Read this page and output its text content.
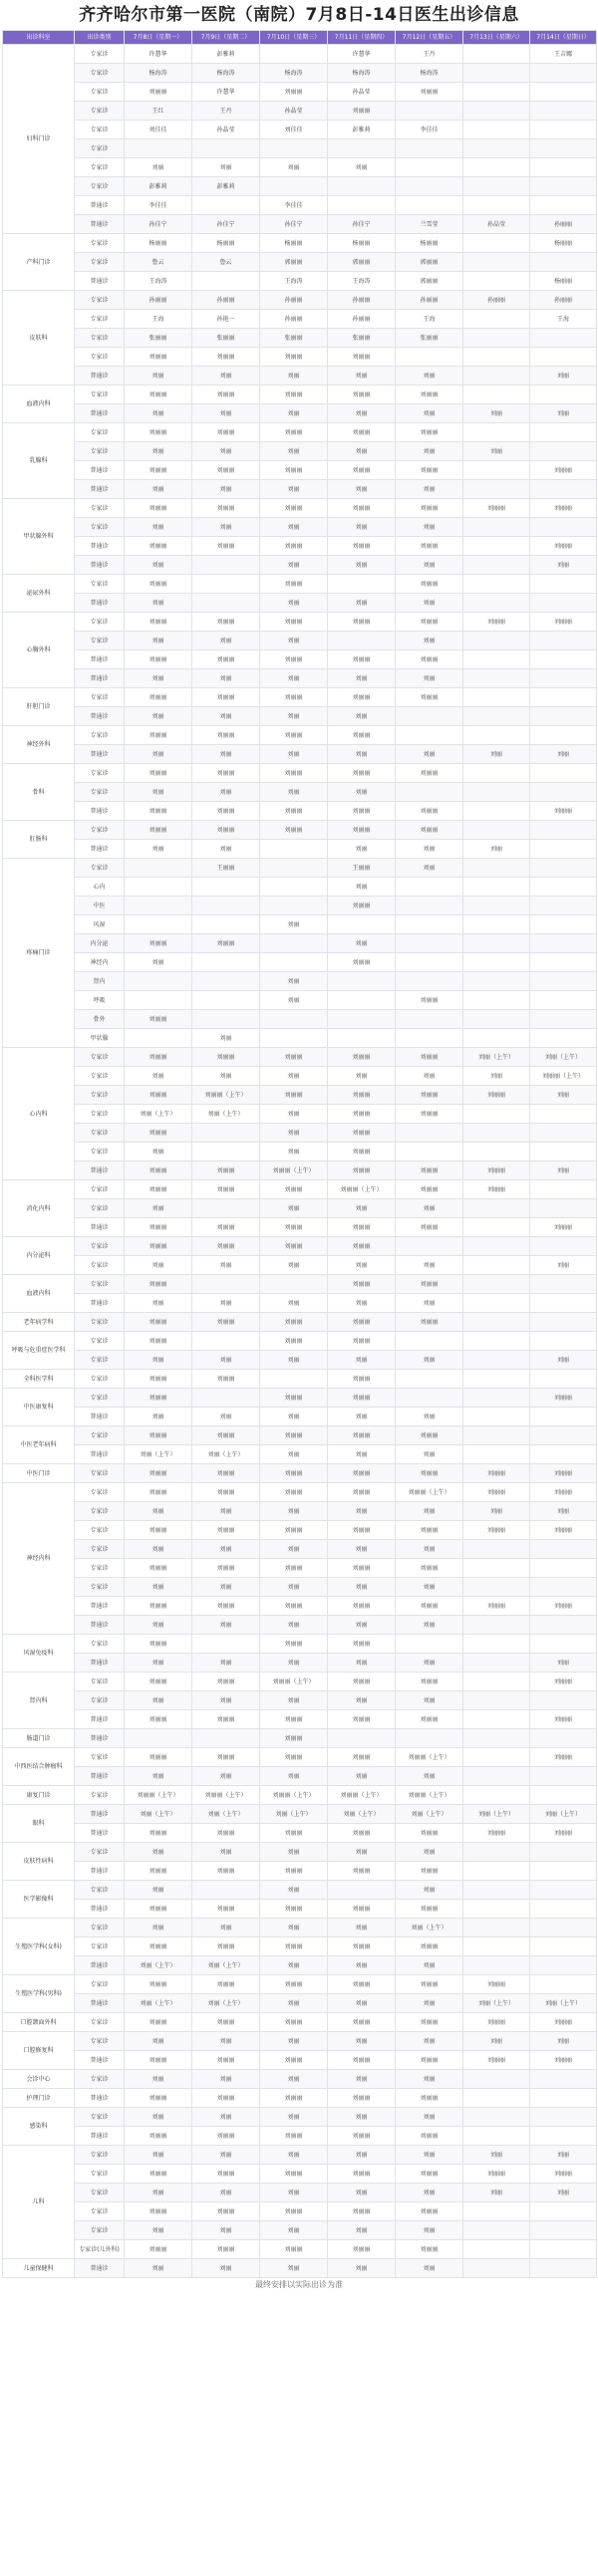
齐齐哈尔市第一医院（南院）7月8日-14日医生出诊信息
出诊科室	出诊类别	7月8日（星期一）	7月9日（星期二）	7月10日（星期三）	7月11日（星期四）	7月12日（星期五）	7月13日（星期六）	7月14日（星期日）
妇科门诊	专家诊	许慧华	彭雅莉		许慧华	王丹		王吉娜
	专家诊	杨海涛	杨海涛	杨海涛	杨海涛	杨海涛		
	专家诊	刘丽丽	许慧华	刘丽丽	孙晶莹	刘丽丽		
	专家诊	王红	王丹	孙晶莹	刘丽丽			
	专家诊	刘佳佳	孙晶莹	刘佳佳	彭雅莉	李佳佳		
	专家诊							
	专家诊	刘丽	刘丽	刘丽	刘丽			
	专家诊	彭雅莉	彭雅莉					
	普通诊	李佳佳		李佳佳				
	普通诊	孙佳宁	孙佳宁	孙佳宁	孙佳宁	兰雪莹	孙晶莹	孙丽丽
产科门诊	专家诊	杨丽丽	杨丽丽	杨丽丽	杨丽丽	杨丽丽		杨丽丽
	专家诊	鲁云	鲁云	郭丽丽	郭丽丽	郭丽丽		
	普通诊	王海涛		王海涛	王海涛	郭丽丽		杨丽丽
皮肤科	专家诊	孙丽丽	孙丽丽	孙丽丽	孙丽丽	孙丽丽	孙丽丽	孙丽丽
	专家诊	王海	孙艳一	孙丽丽	孙丽丽	王海		王海
	专家诊	张丽丽	张丽丽	张丽丽	张丽丽	张丽丽		
	专家诊	刘丽丽	刘丽丽	刘丽丽	刘丽丽			
	普通诊	刘丽	刘丽	刘丽	刘丽	刘丽		刘丽
血液内科	专家诊	刘丽丽	刘丽丽	刘丽丽	刘丽丽	刘丽丽		
	普通诊	刘丽	刘丽	刘丽	刘丽	刘丽	刘丽	刘丽
乳腺科	专家诊	刘丽丽	刘丽丽	刘丽丽	刘丽丽	刘丽丽		
	专家诊	刘丽	刘丽	刘丽	刘丽	刘丽	刘丽	
	普通诊	刘丽丽	刘丽丽	刘丽丽	刘丽丽	刘丽丽		刘丽丽
	普通诊	刘丽	刘丽	刘丽	刘丽	刘丽		
甲状腺外科	专家诊	刘丽丽	刘丽丽	刘丽丽	刘丽丽	刘丽丽	刘丽丽	刘丽丽
	专家诊	刘丽	刘丽	刘丽	刘丽	刘丽		
	普通诊	刘丽丽	刘丽丽	刘丽丽	刘丽丽	刘丽丽		刘丽丽
	普通诊	刘丽		刘丽	刘丽	刘丽		刘丽
泌尿外科	专家诊	刘丽丽		刘丽丽		刘丽丽		
	普通诊	刘丽		刘丽	刘丽	刘丽		
心胸外科	专家诊	刘丽丽	刘丽丽	刘丽丽	刘丽丽	刘丽丽	刘丽丽	刘丽丽
	专家诊	刘丽	刘丽	刘丽		刘丽		
	普通诊	刘丽丽	刘丽丽	刘丽丽	刘丽丽	刘丽丽		
	普通诊	刘丽	刘丽	刘丽	刘丽	刘丽		
肝胆门诊	专家诊	刘丽丽	刘丽丽	刘丽丽	刘丽丽	刘丽丽		
	普通诊	刘丽	刘丽	刘丽	刘丽			
神经外科	专家诊	刘丽丽	刘丽丽	刘丽丽	刘丽丽			
	普通诊	刘丽	刘丽	刘丽	刘丽	刘丽	刘丽	刘丽
骨科	专家诊	刘丽丽	刘丽丽	刘丽丽	刘丽丽	刘丽丽		
	专家诊	刘丽	刘丽	刘丽	刘丽			
	普通诊	刘丽丽	刘丽丽	刘丽丽	刘丽丽	刘丽丽		刘丽丽
肛肠科	专家诊	刘丽丽	刘丽丽	刘丽丽	刘丽丽	刘丽丽		
	普通诊	刘丽	刘丽		刘丽	刘丽	刘丽	
疼痛门诊	专家诊		王丽丽		王丽丽	刘丽		
	心内				刘丽			
	中医				刘丽丽			
	风湿			刘丽				
	内分泌	刘丽丽	刘丽丽		刘丽			
	神经内	刘丽			刘丽丽			
	肾内			刘丽				
	呼吸			刘丽		刘丽丽		
	骨外	刘丽丽						
	甲状腺		刘丽					
心内科	专家诊	刘丽丽	刘丽丽	刘丽丽	刘丽丽	刘丽丽	刘丽（上午）	刘丽（上午）
	专家诊	刘丽	刘丽	刘丽	刘丽	刘丽	刘丽	刘丽丽（上午）
	专家诊	刘丽丽	刘丽丽（上午）	刘丽丽	刘丽丽	刘丽丽	刘丽丽	刘丽
	专家诊	刘丽（上午）	刘丽（上午）	刘丽	刘丽丽	刘丽丽		
	专家诊	刘丽丽		刘丽	刘丽丽			
	专家诊	刘丽		刘丽	刘丽丽			
	普通诊	刘丽丽	刘丽丽	刘丽丽（上午）	刘丽丽	刘丽丽	刘丽丽	刘丽
消化内科	专家诊	刘丽丽	刘丽丽	刘丽丽	刘丽丽（上午）	刘丽丽	刘丽丽	
	专家诊	刘丽		刘丽	刘丽	刘丽		
	普通诊	刘丽丽	刘丽丽	刘丽丽	刘丽丽	刘丽丽		刘丽丽
内分泌科	专家诊	刘丽丽	刘丽丽	刘丽丽	刘丽丽			
	专家诊	刘丽	刘丽	刘丽	刘丽	刘丽		刘丽
血液内科	专家诊	刘丽丽			刘丽丽	刘丽丽		
	普通诊	刘丽	刘丽	刘丽	刘丽	刘丽		
老年病学科	专家诊	刘丽丽	刘丽丽	刘丽丽	刘丽丽	刘丽丽		
呼吸与危重症医学科	专家诊	刘丽丽		刘丽丽	刘丽丽			
	专家诊	刘丽	刘丽	刘丽	刘丽	刘丽		刘丽
全科医学科	专家诊	刘丽丽	刘丽丽		刘丽丽			
中医康复科	专家诊	刘丽丽		刘丽丽	刘丽丽			刘丽丽
	普通诊	刘丽	刘丽	刘丽	刘丽	刘丽		
中医老年病科	专家诊	刘丽丽	刘丽丽	刘丽丽	刘丽丽	刘丽丽		
	普通诊	刘丽（上午）	刘丽（上午）	刘丽	刘丽	刘丽		
中医门诊	专家诊	刘丽丽	刘丽丽	刘丽丽	刘丽丽	刘丽丽	刘丽丽	刘丽丽
神经内科	专家诊	刘丽丽	刘丽丽	刘丽丽	刘丽丽	刘丽丽（上午）	刘丽丽	刘丽丽
	专家诊	刘丽	刘丽	刘丽	刘丽	刘丽	刘丽	刘丽
	专家诊	刘丽丽	刘丽丽	刘丽丽	刘丽丽	刘丽丽	刘丽丽	刘丽丽
	专家诊	刘丽	刘丽	刘丽	刘丽	刘丽		
	专家诊	刘丽丽	刘丽丽	刘丽丽	刘丽丽	刘丽丽		
	专家诊	刘丽	刘丽	刘丽	刘丽	刘丽		
	普通诊	刘丽丽	刘丽丽	刘丽丽	刘丽丽	刘丽丽	刘丽丽	刘丽丽
	普通诊	刘丽	刘丽	刘丽	刘丽	刘丽		
风湿免疫科	专家诊	刘丽丽		刘丽丽	刘丽丽			
	普通诊	刘丽	刘丽	刘丽	刘丽	刘丽		刘丽
肾内科	专家诊	刘丽丽	刘丽丽	刘丽丽（上午）	刘丽丽	刘丽丽		刘丽丽
	专家诊	刘丽	刘丽	刘丽	刘丽	刘丽		
	普通诊	刘丽丽	刘丽丽	刘丽丽	刘丽丽	刘丽丽		刘丽丽
肠道门诊	普通诊			刘丽丽				
中西医结合肿瘤科	专家诊	刘丽丽	刘丽丽	刘丽丽	刘丽丽	刘丽丽（上午）		刘丽丽
	普通诊	刘丽	刘丽	刘丽	刘丽	刘丽		
康复门诊	专家诊	刘丽丽（上午）	刘丽丽（上午）	刘丽丽（上午）	刘丽丽（上午）	刘丽丽（上午）		
眼科	普通诊	刘丽（上午）	刘丽（上午）	刘丽（上午）	刘丽（上午）	刘丽（上午）	刘丽（上午）	刘丽（上午）
	普通诊	刘丽丽	刘丽丽	刘丽丽	刘丽丽	刘丽丽	刘丽丽	刘丽丽
皮肤性病科	专家诊	刘丽	刘丽	刘丽	刘丽	刘丽		
	普通诊	刘丽丽	刘丽丽	刘丽丽	刘丽丽	刘丽丽		
医学影像科	专家诊	刘丽		刘丽		刘丽		
	普通诊	刘丽丽	刘丽丽	刘丽丽	刘丽丽	刘丽丽		
生殖医学科(女科)	专家诊	刘丽	刘丽	刘丽	刘丽	刘丽（上午）		
	专家诊	刘丽丽	刘丽丽	刘丽丽	刘丽丽	刘丽丽		
	普通诊	刘丽（上午）	刘丽（上午）	刘丽	刘丽	刘丽		
生殖医学科(男科)	专家诊	刘丽丽	刘丽丽	刘丽丽	刘丽丽	刘丽丽	刘丽丽	
	普通诊	刘丽（上午）	刘丽（上午）	刘丽	刘丽	刘丽	刘丽（上午）	刘丽（上午）
口腔颌面外科	专家诊	刘丽丽	刘丽丽	刘丽丽	刘丽丽	刘丽丽	刘丽丽	刘丽丽
口腔修复科	专家诊	刘丽	刘丽	刘丽	刘丽	刘丽	刘丽	刘丽
	普通诊	刘丽丽	刘丽丽	刘丽丽	刘丽丽	刘丽丽	刘丽丽	刘丽丽
会诊中心	专家诊	刘丽	刘丽	刘丽	刘丽	刘丽		
护理门诊	普通诊	刘丽丽	刘丽丽	刘丽丽	刘丽丽	刘丽丽		
感染科	专家诊	刘丽	刘丽	刘丽	刘丽	刘丽		
	普通诊	刘丽丽	刘丽丽	刘丽丽	刘丽丽	刘丽丽		
儿科	专家诊	刘丽	刘丽	刘丽	刘丽	刘丽	刘丽	刘丽
	专家诊	刘丽丽	刘丽丽	刘丽丽	刘丽丽	刘丽丽	刘丽丽	刘丽丽
	专家诊	刘丽	刘丽	刘丽	刘丽	刘丽	刘丽	刘丽
	专家诊	刘丽丽	刘丽丽	刘丽丽	刘丽丽	刘丽丽		
	专家诊	刘丽	刘丽	刘丽	刘丽	刘丽		
	专家诊(儿外科)	刘丽丽	刘丽丽	刘丽丽	刘丽丽	刘丽丽		
儿童保健科	普通诊	刘丽	刘丽	刘丽	刘丽	刘丽		
最终安排以实际出诊为准
